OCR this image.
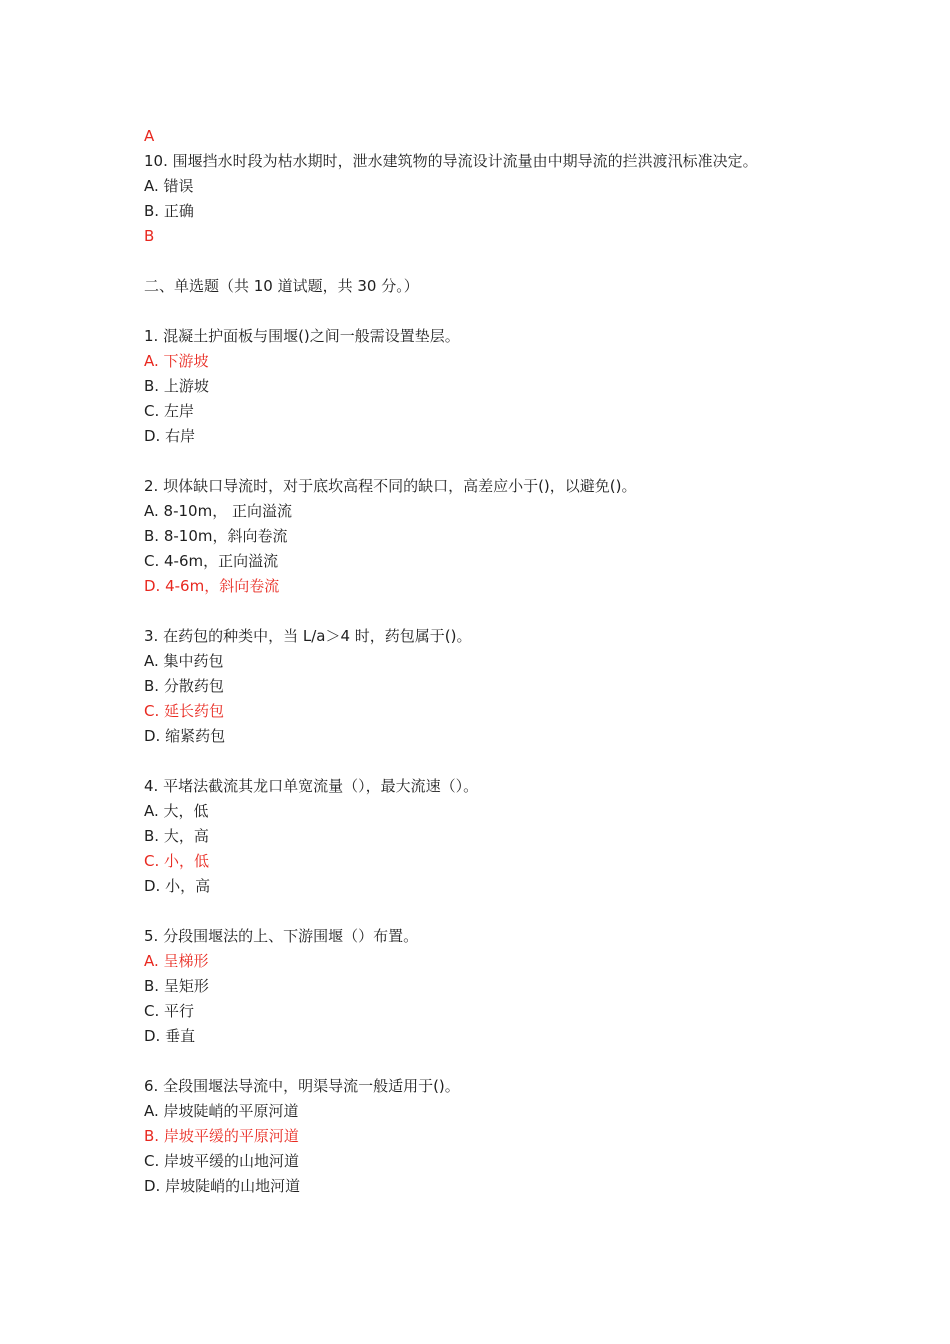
A
10. 围堰挡水时段为枯水期时，泄水建筑物的导流设计流量由中期导流的拦洪渡汛标准决定。
A. 错误
B. 正确
B
二、单选题（共 10 道试题，共 30 分。）
1. 混凝土护面板与围堰()之间一般需设置垫层。
A. 下游坡
B. 上游坡
C. 左岸
D. 右岸
2. 坝体缺口导流时，对于底坎高程不同的缺口，高差应小于()，以避免()。
A. 8-10m， 正向溢流
B. 8-10m，斜向卷流
C. 4-6m，正向溢流
D. 4-6m，斜向卷流
3. 在药包的种类中，当 L/a＞4 时，药包属于()。
A. 集中药包
B. 分散药包
C. 延长药包
D. 缩紧药包
4. 平堵法截流其龙口单宽流量（），最大流速（）。
A. 大，低
B. 大，高
C. 小，低
D. 小，高
5. 分段围堰法的上、下游围堰（）布置。
A. 呈梯形
B. 呈矩形
C. 平行
D. 垂直
6. 全段围堰法导流中，明渠导流一般适用于()。
A. 岸坡陡峭的平原河道
B. 岸坡平缓的平原河道
C. 岸坡平缓的山地河道
D. 岸坡陡峭的山地河道
